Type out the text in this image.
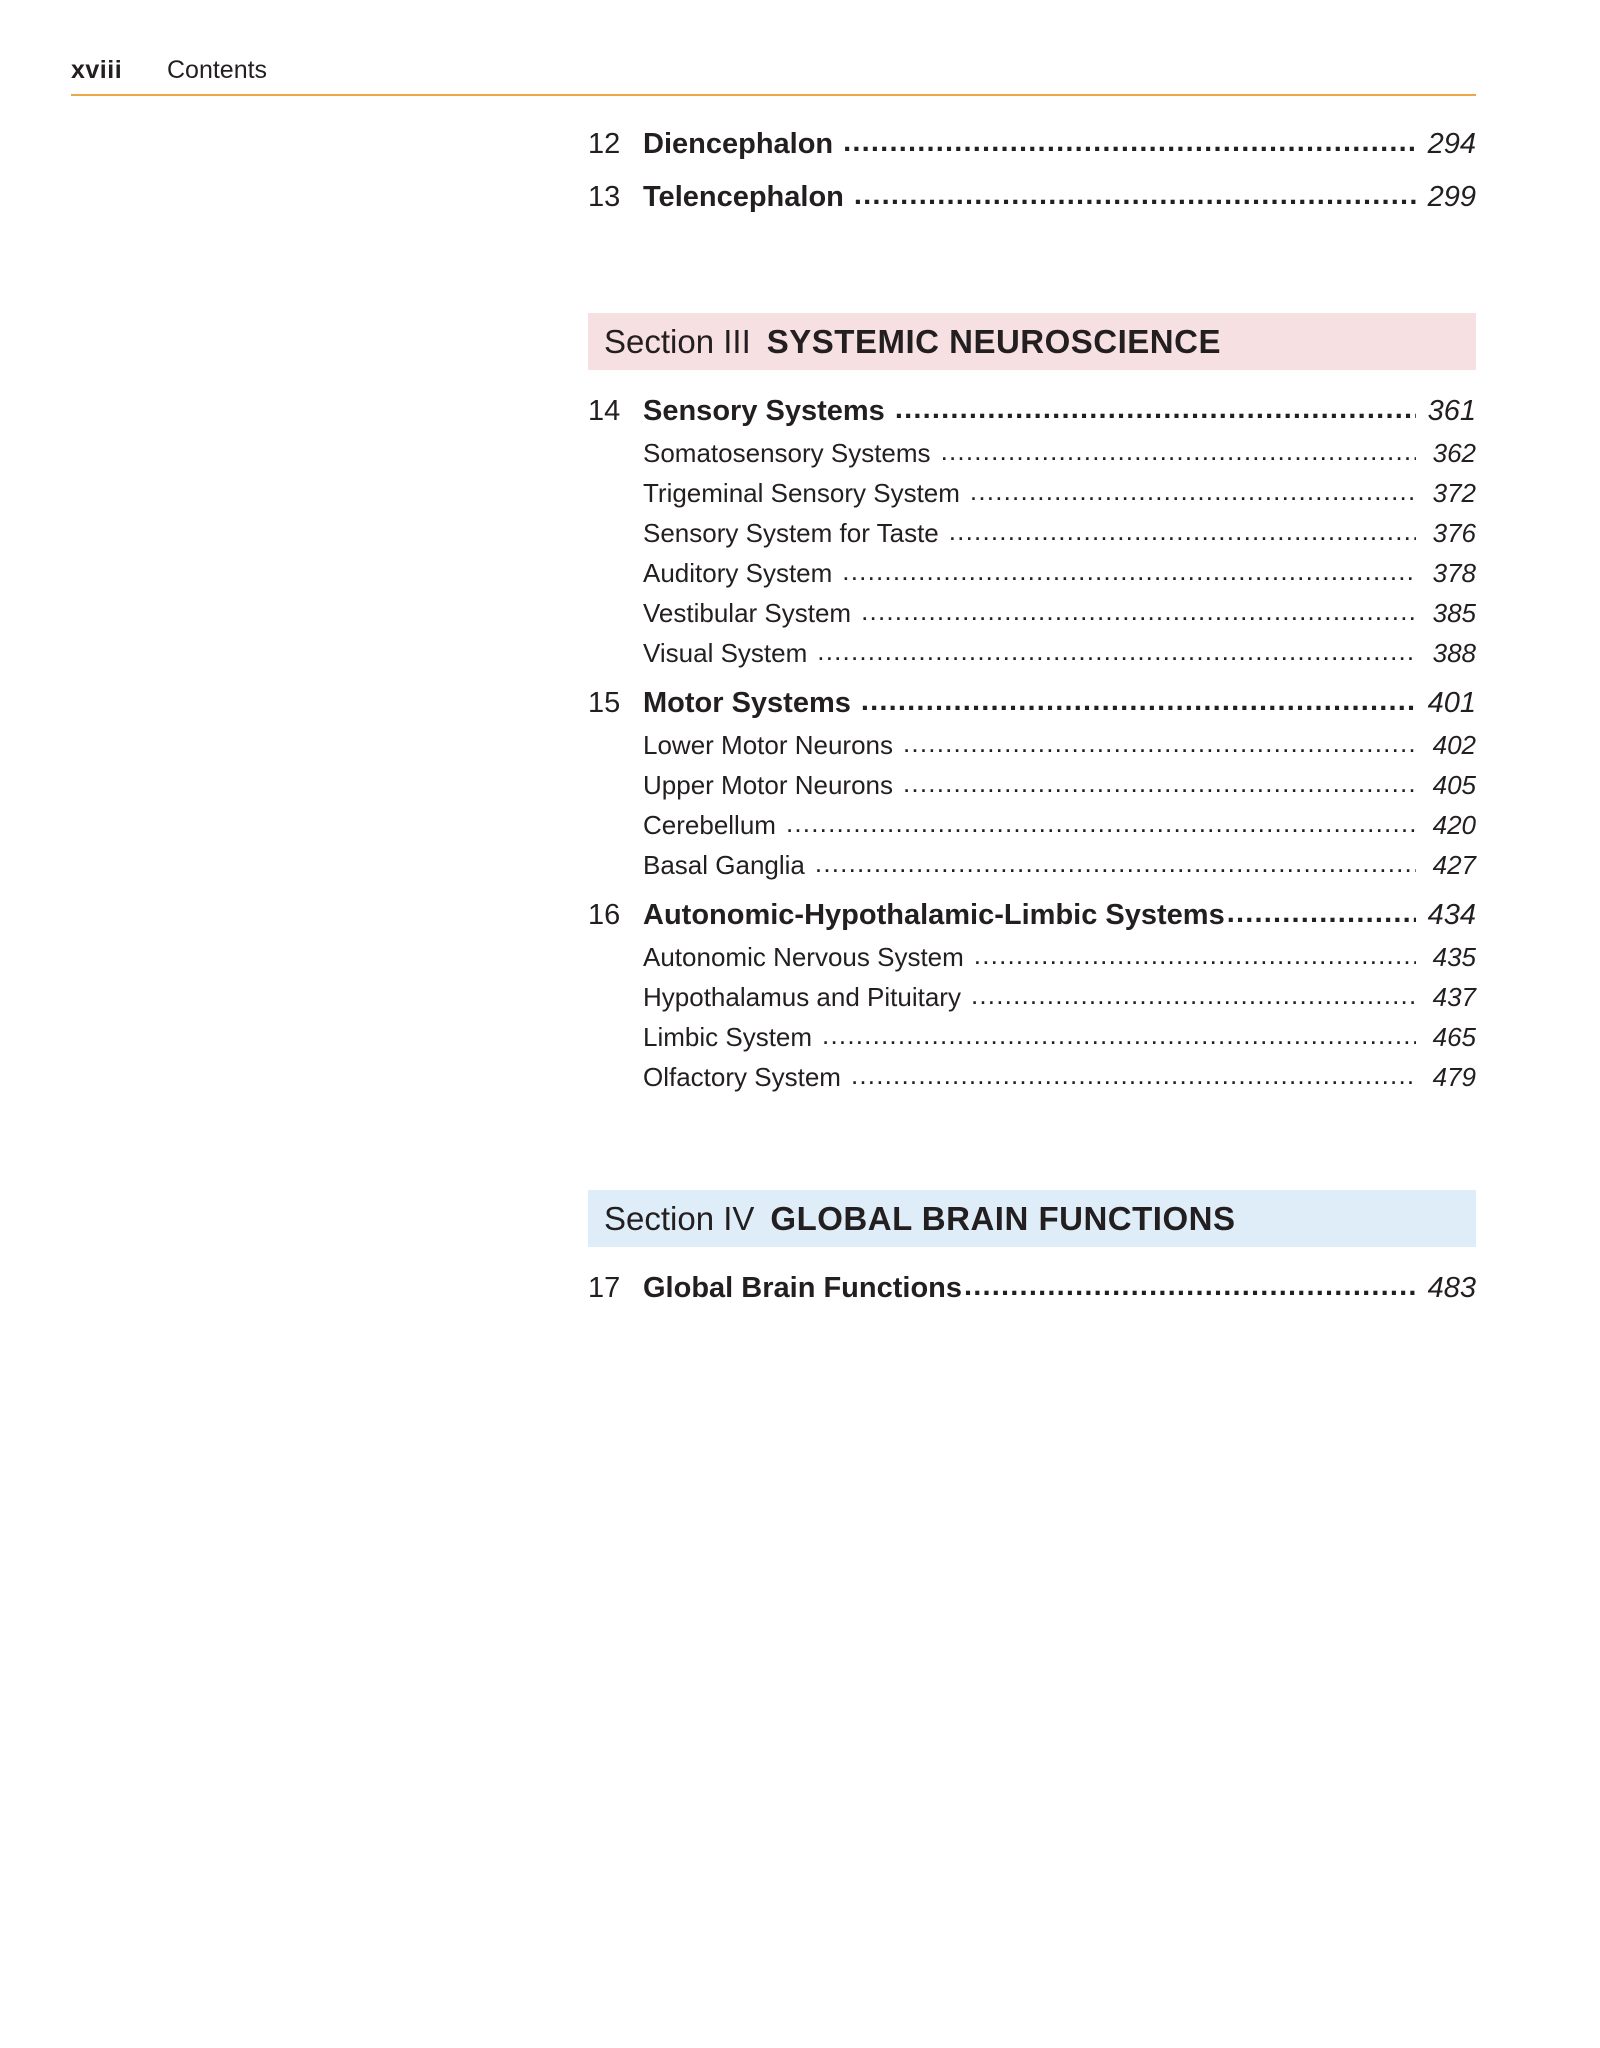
xviii Contents
12 Diencephalon .....	294
13 Telencephalon .....	299
Section III SYSTEMIC NEUROSCIENCE
14 Sensory Systems .....	361
Somatosensory Systems .....	362
Trigeminal Sensory System .....	372
Sensory System for Taste .....	376
Auditory System .....	378
Vestibular System .....	385
Visual System .....	388
15 Motor Systems .....	401
Lower Motor Neurons .....	402
Upper Motor Neurons .....	405
Cerebellum .....	420
Basal Ganglia .....	427
16 Autonomic-Hypothalamic-Limbic Systems .....	434
Autonomic Nervous System .....	435
Hypothalamus and Pituitary .....	437
Limbic System .....	465
Olfactory System .....	479
Section IV GLOBAL BRAIN FUNCTIONS
17 Global Brain Functions .....	483
